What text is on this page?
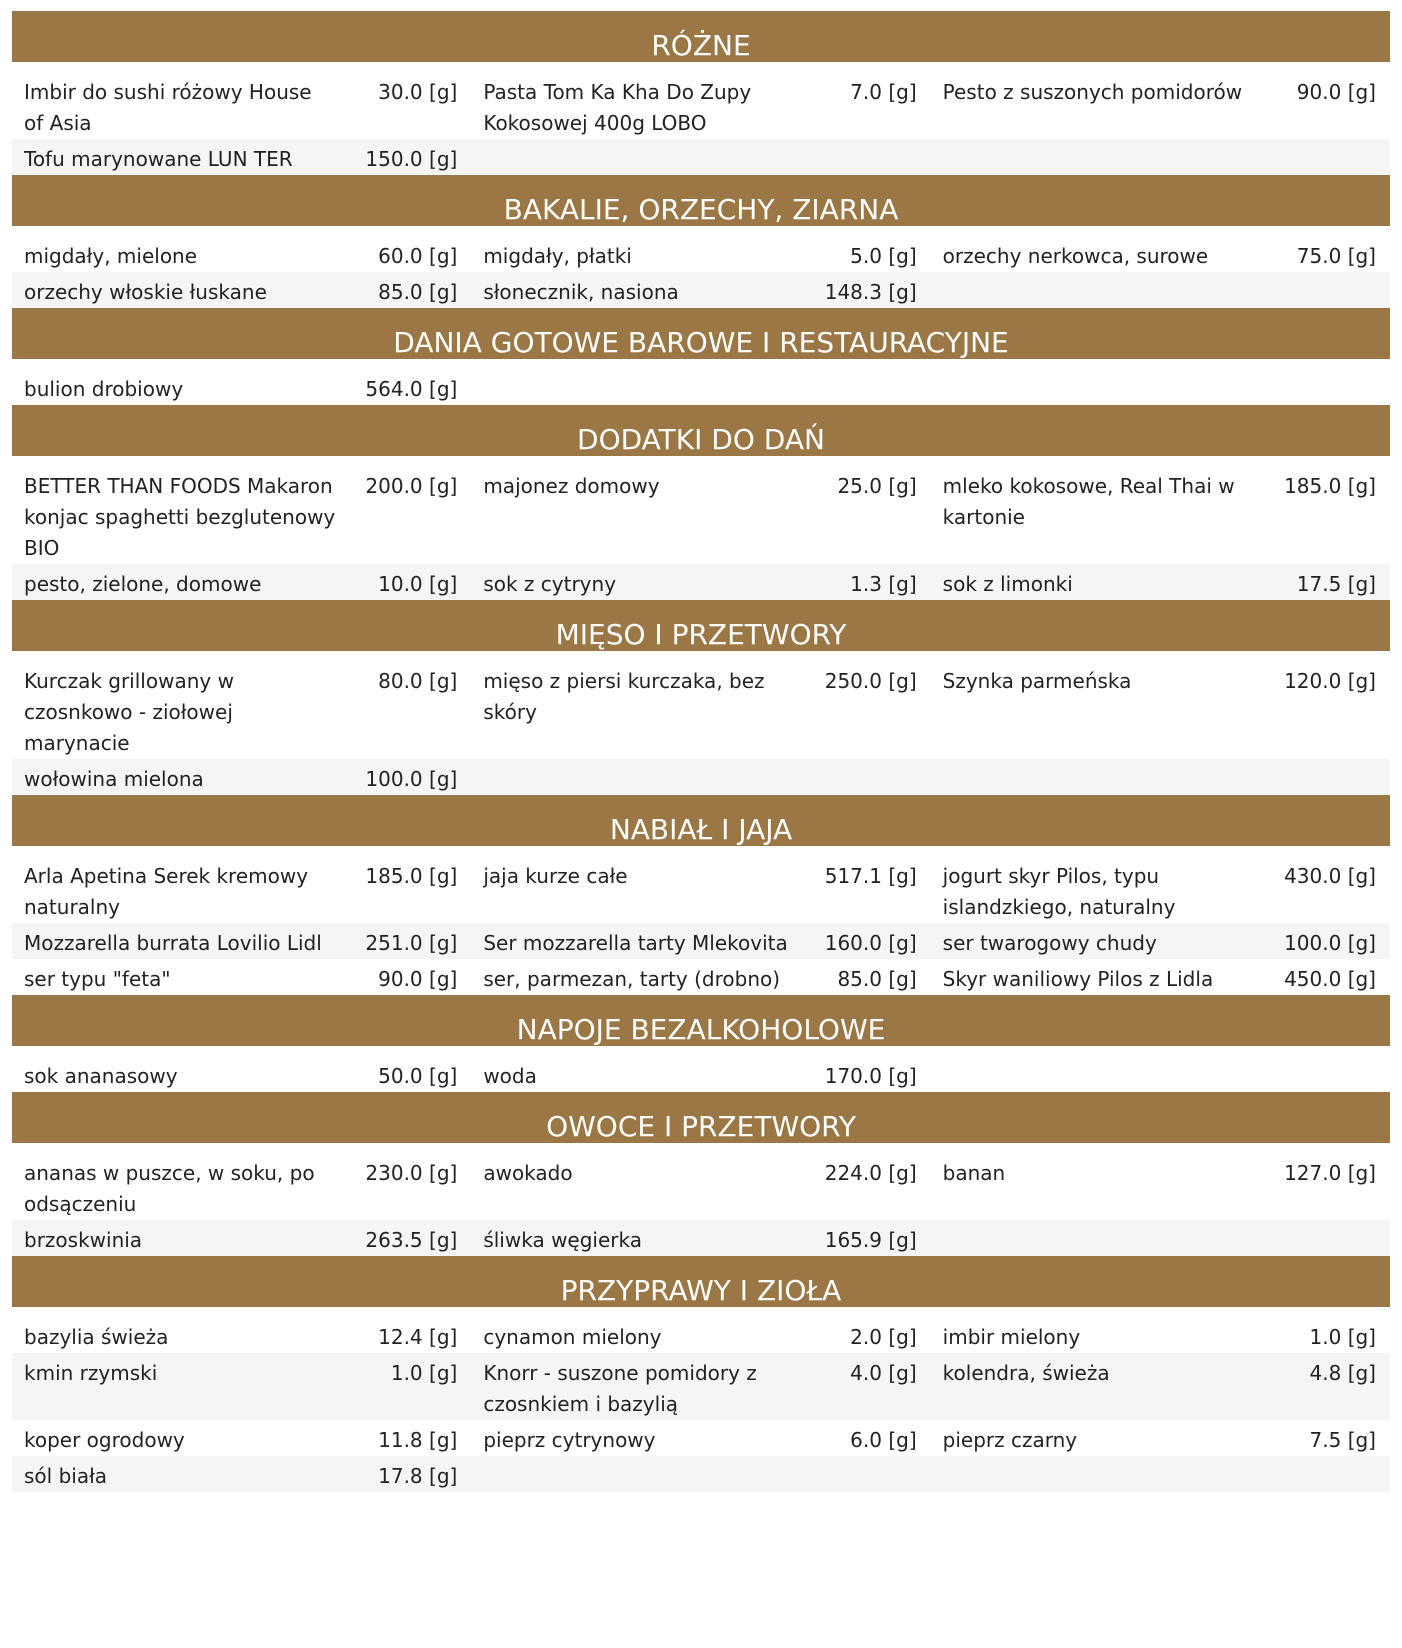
RÓŻNE
Imbir do sushi różowy House of Asia	30.0 [g]	Pasta Tom Ka Kha Do Zupy Kokosowej 400g LOBO	7.0 [g]	Pesto z suszonych pomidorów	90.0 [g]
Tofu marynowane LUN TER	150.0 [g]				
BAKALIE, ORZECHY, ZIARNA
migdały, mielone	60.0 [g]	migdały, płatki	5.0 [g]	orzechy nerkowca, surowe	75.0 [g]
orzechy włoskie łuskane	85.0 [g]	słonecznik, nasiona	148.3 [g]		
DANIA GOTOWE BAROWE I RESTAURACYJNE
bulion drobiowy	564.0 [g]				
DODATKI DO DAŃ
BETTER THAN FOODS Makaron konjac spaghetti bezglutenowy BIO	200.0 [g]	majonez domowy	25.0 [g]	mleko kokosowe, Real Thai w kartonie	185.0 [g]
pesto, zielone, domowe	10.0 [g]	sok z cytryny	1.3 [g]	sok z limonki	17.5 [g]
MIĘSO I PRZETWORY
Kurczak grillowany w czosnkowo - ziołowej marynacie	80.0 [g]	mięso z piersi kurczaka, bez skóry	250.0 [g]	Szynka parmeńska	120.0 [g]
wołowina mielona	100.0 [g]				
NABIAŁ I JAJA
Arla Apetina Serek kremowy naturalny	185.0 [g]	jaja kurze całe	517.1 [g]	jogurt skyr Pilos, typu islandzkiego, naturalny	430.0 [g]
Mozzarella burrata Lovilio Lidl	251.0 [g]	Ser mozzarella tarty Mlekovita	160.0 [g]	ser twarogowy chudy	100.0 [g]
ser typu "feta"	90.0 [g]	ser, parmezan, tarty (drobno)	85.0 [g]	Skyr waniliowy Pilos z Lidla	450.0 [g]
NAPOJE BEZALKOHOLOWE
sok ananasowy	50.0 [g]	woda	170.0 [g]		
OWOCE I PRZETWORY
ananas w puszce, w soku, po odsączeniu	230.0 [g]	awokado	224.0 [g]	banan	127.0 [g]
brzoskwinia	263.5 [g]	śliwka węgierka	165.9 [g]		
PRZYPRAWY I ZIOŁA
bazylia świeża	12.4 [g]	cynamon mielony	2.0 [g]	imbir mielony	1.0 [g]
kmin rzymski	1.0 [g]	Knorr - suszone pomidory z czosnkiem i bazylią	4.0 [g]	kolendra, świeża	4.8 [g]
koper ogrodowy	11.8 [g]	pieprz cytrynowy	6.0 [g]	pieprz czarny	7.5 [g]
sól biała	17.8 [g]				
